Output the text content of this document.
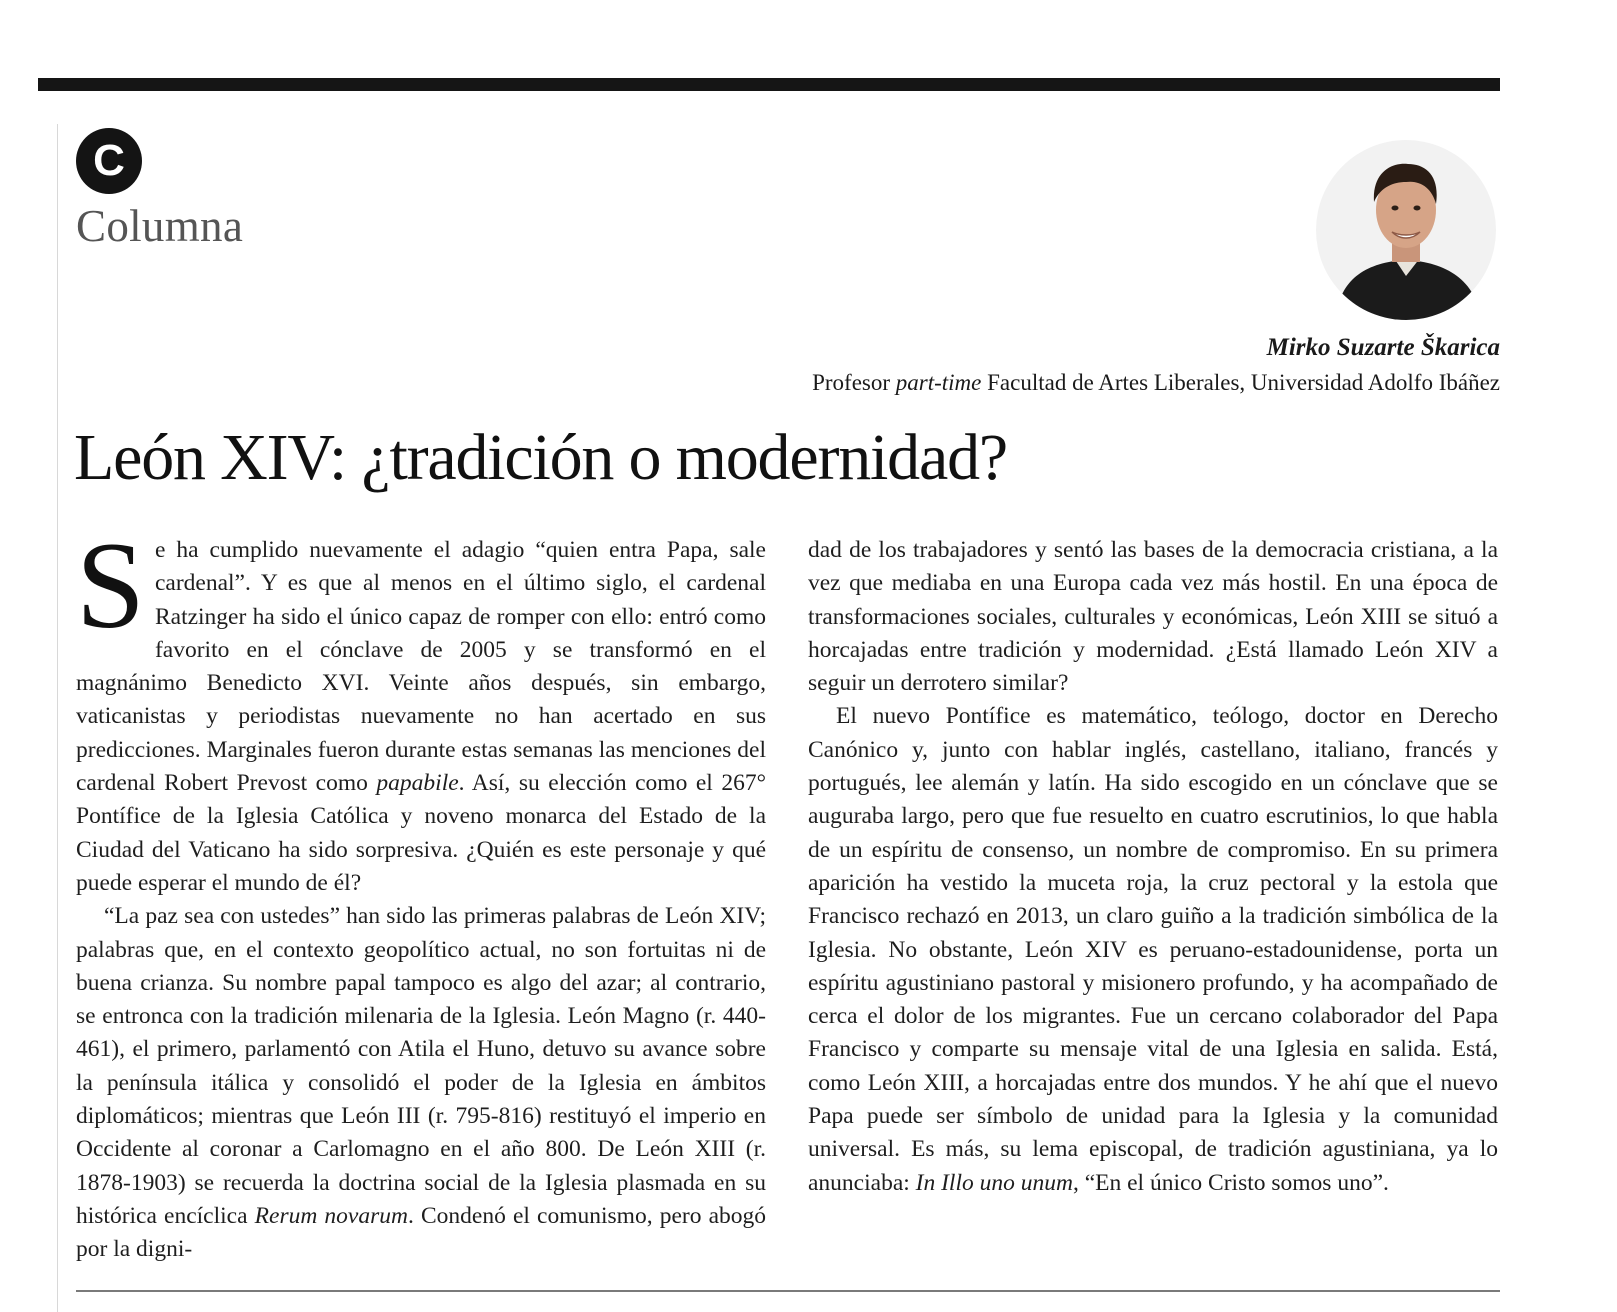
C
Columna
Mirko Suzarte Škarica
Profesor part-time Facultad de Artes Liberales, Universidad Adolfo Ibáñez
León XIV: ¿tradición o modernidad?

Se ha cumplido nuevamente el adagio “quien entra Papa, sale cardenal”. Y es que al menos en el último siglo, el cardenal Ratzinger ha sido el único capaz de romper con ello: entró como favorito en el cónclave de 2005 y se transformó en el magnánimo Benedicto XVI. Veinte años después, sin embargo, vaticanistas y periodistas nuevamente no han acertado en sus predicciones. Marginales fueron durante estas semanas las menciones del cardenal Robert Prevost como papabile. Así, su elección como el 267° Pontífice de la Iglesia Católica y noveno monarca del Estado de la Ciudad del Vaticano ha sido sorpresiva. ¿Quién es este personaje y qué puede esperar el mundo de él?

“La paz sea con ustedes” han sido las primeras palabras de León XIV; palabras que, en el contexto geopolítico actual, no son fortuitas ni de buena crianza. Su nombre papal tampoco es algo del azar; al contrario, se entronca con la tradición milenaria de la Iglesia. León Magno (r. 440-461), el primero, parlamentó con Atila el Huno, detuvo su avance sobre la península itálica y consolidó el poder de la Iglesia en ámbitos diplomáticos; mientras que León III (r. 795-816) restituyó el imperio en Occidente al coronar a Carlomagno en el año 800. De León XIII (r. 1878-1903) se recuerda la doctrina social de la Iglesia plasmada en su histórica encíclica Rerum novarum. Condenó el comunismo, pero abogó por la digni-

dad de los trabajadores y sentó las bases de la democracia cristiana, a la vez que mediaba en una Europa cada vez más hostil. En una época de transformaciones sociales, culturales y económicas, León XIII se situó a horcajadas entre tradición y modernidad. ¿Está llamado León XIV a seguir un derrotero similar?

El nuevo Pontífice es matemático, teólogo, doctor en Derecho Canónico y, junto con hablar inglés, castellano, italiano, francés y portugués, lee alemán y latín. Ha sido escogido en un cónclave que se auguraba largo, pero que fue resuelto en cuatro escrutinios, lo que habla de un espíritu de consenso, un nombre de compromiso. En su primera aparición ha vestido la muceta roja, la cruz pectoral y la estola que Francisco rechazó en 2013, un claro guiño a la tradición simbólica de la Iglesia. No obstante, León XIV es peruano-estadounidense, porta un espíritu agustiniano pastoral y misionero profundo, y ha acompañado de cerca el dolor de los migrantes. Fue un cercano colaborador del Papa Francisco y comparte su mensaje vital de una Iglesia en salida. Está, como León XIII, a horcajadas entre dos mundos. Y he ahí que el nuevo Papa puede ser símbolo de unidad para la Iglesia y la comunidad universal. Es más, su lema episcopal, de tradición agustiniana, ya lo anunciaba: In Illo uno unum, “En el único Cristo somos uno”.
